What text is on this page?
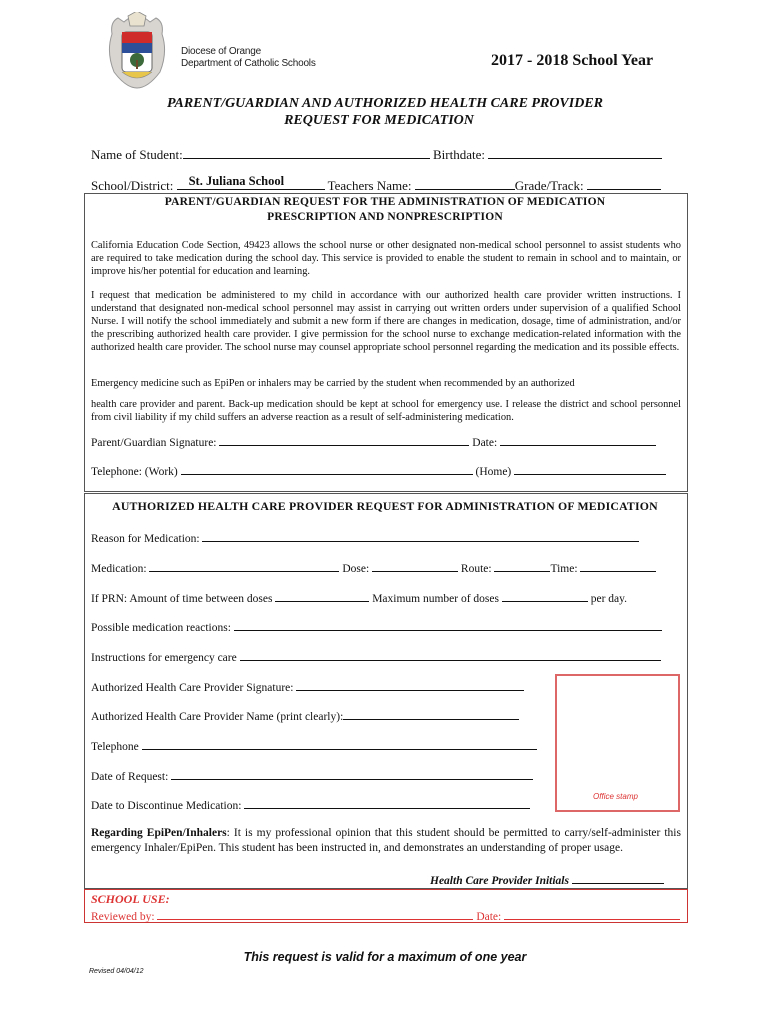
Diocese of Orange
Department of Catholic Schools	2017 - 2018 School Year
PARENT/GUARDIAN AND AUTHORIZED HEALTH CARE PROVIDER
REQUEST FOR MEDICATION
Name of Student:	Birthdate:
School/District: St. Juliana School	Teachers Name:	Grade/Track:
PARENT/GUARDIAN REQUEST FOR THE ADMINISTRATION OF MEDICATION
PRESCRIPTION AND NONPRESCRIPTION
California Education Code Section, 49423 allows the school nurse or other designated non-medical school personnel to assist students who are required to take medication during the school day. This service is provided to enable the student to remain in school and to maintain, or improve his/her potential for education and learning.
I request that medication be administered to my child in accordance with our authorized health care provider written instructions. I understand that designated non-medical school personnel may assist in carrying out written orders under supervision of a qualified School Nurse. I will notify the school immediately and submit a new form if there are changes in medication, dosage, time of administration, and/or the prescribing authorized health care provider. I give permission for the school nurse to exchange medication-related information with the authorized health care provider. The school nurse may counsel appropriate school personnel regarding the medication and its possible effects.
Emergency medicine such as EpiPen or inhalers may be carried by the student when recommended by an authorized
health care provider and parent. Back-up medication should be kept at school for emergency use. I release the district and school personnel from civil liability if my child suffers an adverse reaction as a result of self-administering medication.
Parent/Guardian Signature:	Date:
Telephone: (Work)	(Home)
AUTHORIZED HEALTH CARE PROVIDER REQUEST FOR ADMINISTRATION OF MEDICATION
Reason for Medication:
Medication:	Dose:	Route:	Time:
If PRN: Amount of time between doses	Maximum number of doses	per day.
Possible medication reactions:
Instructions for emergency care
Authorized Health Care Provider Signature:
Authorized Health Care Provider Name (print clearly):
Telephone
Date of Request:
Date to Discontinue Medication:
Office stamp
Regarding EpiPen/Inhalers: It is my professional opinion that this student should be permitted to carry/self-administer this emergency Inhaler/EpiPen. This student has been instructed in, and demonstrates an understanding of proper usage.
Health Care Provider Initials
SCHOOL USE:
Reviewed by:	Date:
This request is valid for a maximum of one year
Revised 04/04/12
